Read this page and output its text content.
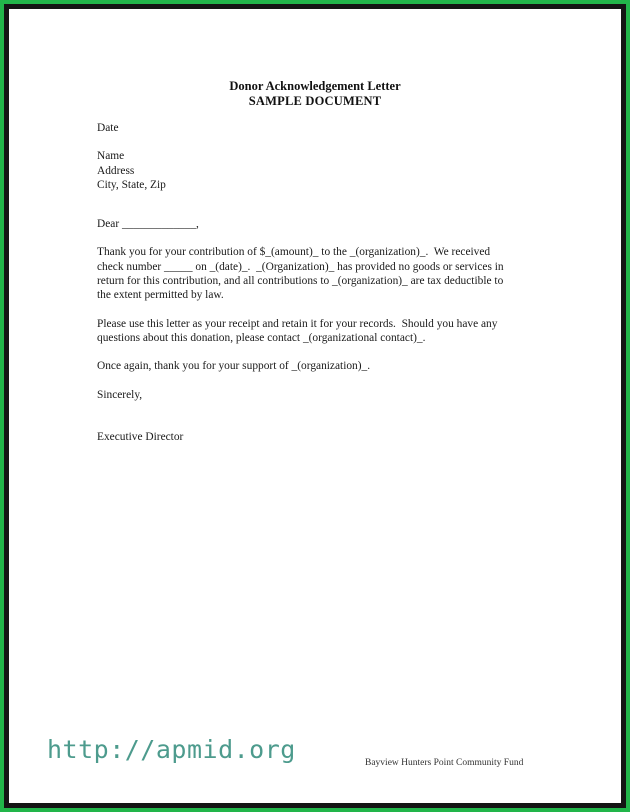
Donor Acknowledgement Letter
SAMPLE DOCUMENT
Date
Name
Address
City, State, Zip
Dear _____________,
Thank you for your contribution of $_(amount)_ to the _(organization)_.  We received
check number _____ on _(date)_.  _(Organization)_ has provided no goods or services in
return for this contribution, and all contributions to _(organization)_ are tax deductible to
the extent permitted by law.
Please use this letter as your receipt and retain it for your records.  Should you have any
questions about this donation, please contact _(organizational contact)_.
Once again, thank you for your support of _(organization)_.
Sincerely,
Executive Director
http://apmid.org	Bayview Hunters Point Community Fund
